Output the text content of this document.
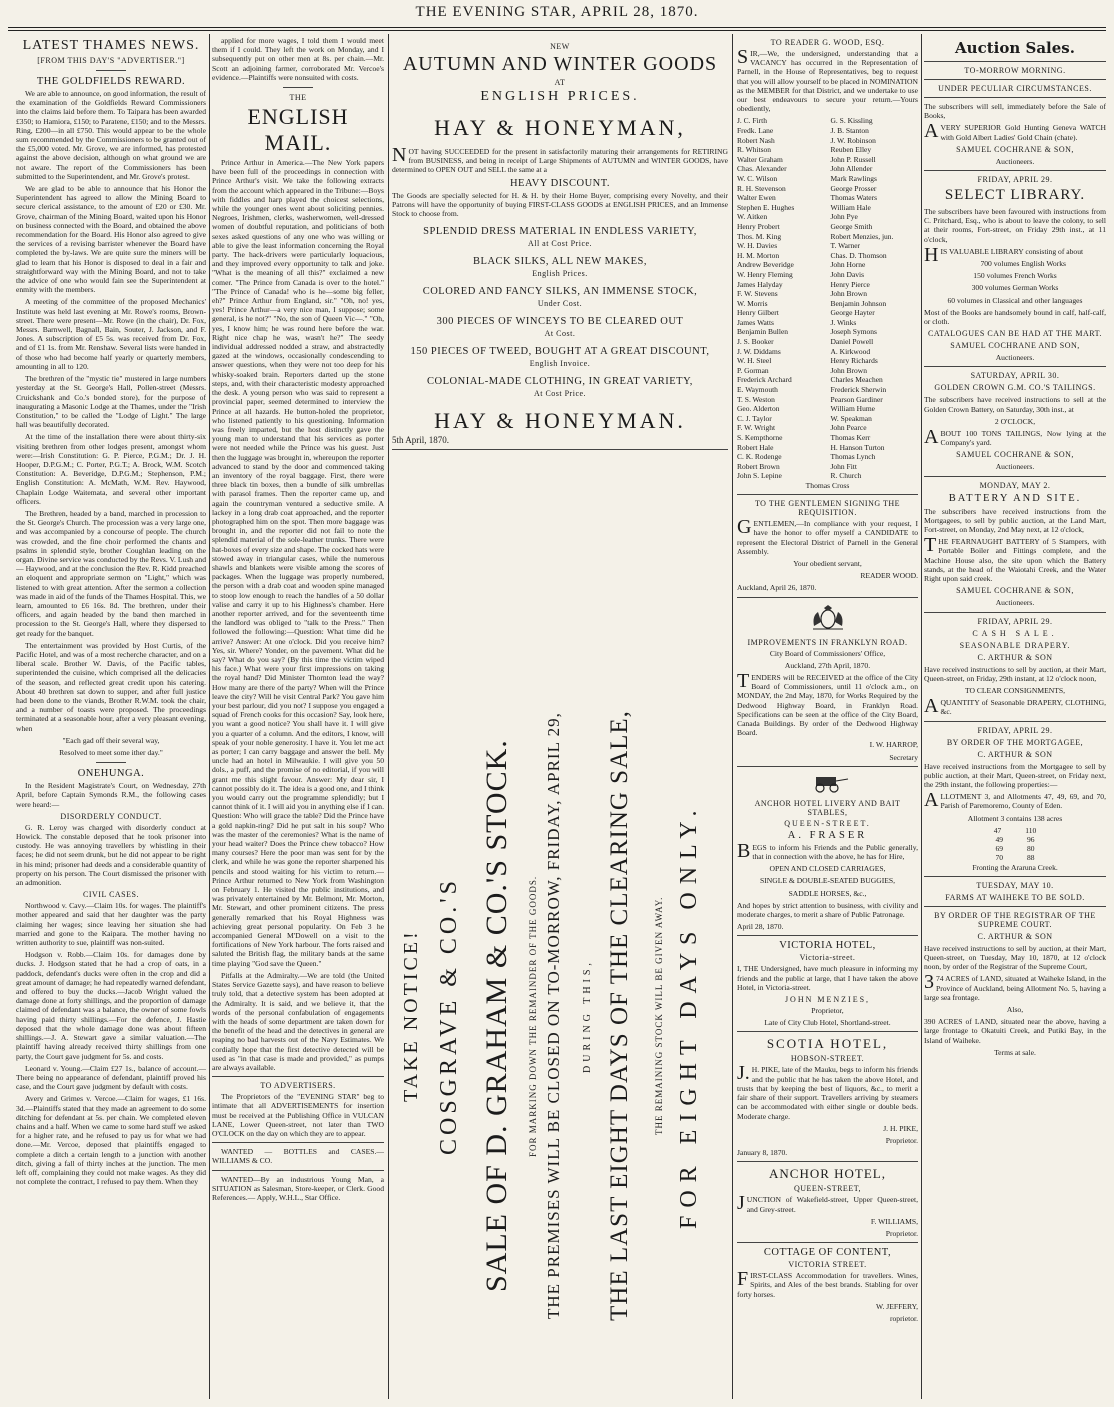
THE EVENING STAR, APRIL 28, 1870.
LATEST THAMES NEWS.
[FROM THIS DAY'S "ADVERTISER."]
THE GOLDFIELDS REWARD.

We are able to announce, on good information, the result of the examination of the Goldfields Reward Commissioners into the claims laid before them. To Taipara has been awarded £350; to Hamiora, £150; to Paratene, £150; and to the Messrs. Ring, £200—in all £750. This would appear to be the whole sum recommended by the Commissioners to be granted out of the £5,000 voted. Mr. Grove, we are informed, has protested against the above decision, although on what ground we are not aware. The report of the Commissioners has been submitted to the Superintendent, and Mr. Grove's protest.

We are glad to be able to announce that his Honor the Superintendent has agreed to allow the Mining Board to secure clerical assistance, to the amount of £20 or £30. Mr. Grove, chairman of the Mining Board, waited upon his Honor on business connected with the Board, and obtained the above recommendation for the Board. His Honor also agreed to give the services of a revising barrister whenever the Board have completed the by-laws. We are quite sure the miners will be glad to learn that his Honor is disposed to deal in a fair and straightforward way with the Mining Board, and not to take the advice of one who would fain see the Superintendent at enmity with the members.

A meeting of the committee of the proposed Mechanics' Institute was held last evening at Mr. Rowe's rooms, Brown-street. There were present—Mr. Rowe (in the chair), Dr. Fox, Messrs. Barnwell, Bagnall, Bain, Souter, J. Jackson, and F. Jones. A subscription of £5 5s. was received from Dr. Fox, and of £1 1s. from Mr. Renshaw. Several lists were handed in of those who had become half yearly or quarterly members, amounting in all to 120.

The brethren of the "mystic tie" mustered in large numbers yesterday at the St. George's Hall, Pollen-street (Messrs. Cruickshank and Co.'s bonded store), for the purpose of inaugurating a Masonic Lodge at the Thames, under the "Irish Constitution," to be called the "Lodge of Light." The large hall was beautifully decorated.

At the time of the installation there were about thirty-six visiting brethren from other lodges present, amongst whom were:—Irish Constitution: G. P. Pierce, P.G.M.; Dr. J. H. Hooper, D.P.G.M.; C. Porter, P.G.T.; A. Brock, W.M. Scotch Constitution: A. Beveridge, D.P.G.M.; Stephenson, P.M.; English Constitution: A. McMath, W.M. Rev. Haywood, Chaplain Lodge Waitemata, and several other important officers.

The Brethren, headed by a band, marched in procession to the St. George's Church. The procession was a very large one, and was accompanied by a concourse of people. The church was crowded, and the fine choir performed the chants and psalms in splendid style, brother Coughlan leading on the organ. Divine service was conducted by the Revs. V. Lush and — Haywood, and at the conclusion the Rev. R. Kidd preached an eloquent and appropriate sermon on "Light," which was listened to with great attention. After the sermon a collection was made in aid of the funds of the Thames Hospital. This, we learn, amounted to £6 16s. 8d. The brethren, under their officers, and again headed by the band then marched in procession to the St. George's Hall, where they dispersed to get ready for the banquet.

The entertainment was provided by Host Curtis, of the Pacific Hotel, and was of a most recherche character, and on a liberal scale. Brother W. Davis, of the Pacific tables, superintended the cuisine, which comprised all the delicacies of the season, and reflected great credit upon his catering. About 40 brethren sat down to supper, and after full justice had been done to the viands, Brother R.W.M. took the chair, and a number of toasts were proposed. The proceedings terminated at a seasonable hour, after a very pleasant evening, when

"Each gad off their several way,

Resolved to meet some ither day."

ONEHUNGA.

In the Resident Magistrate's Court, on Wednesday, 27th April, before Captain Symonds R.M., the following cases were heard:—

DISORDERLY CONDUCT.

G. R. Leroy was charged with disorderly conduct at Howick. The constable deposed that he took prisoner into custody. He was annoying travellers by whistling in their faces; he did not seem drunk, but he did not appear to be right in his mind; prisoner had deeds and a considerable quantity of property on his person. The Court dismissed the prisoner with an admonition.

CIVIL CASES.

Northwood v. Cavy.—Claim 10s. for wages. The plaintiff's mother appeared and said that her daughter was the party claiming her wages; since leaving her situation she had married and gone to the Kaipara. The mother having no written authority to sue, plaintiff was non-suited.

Hodgson v. Robb.—Claim 10s. for damages done by ducks. J. Hodgson stated that he had a crop of oats, in a paddock, defendant's ducks were often in the crop and did a great amount of damage; he had repeatedly warned defendant, and offered to buy the ducks.—Jacob Wright valued the damage done at forty shillings, and the proportion of damage claimed of defendant was a balance, the owner of some fowls having paid thirty shillings.—For the defence, J. Hastie deposed that the whole damage done was about fifteen shillings.—J. A. Stewart gave a similar valuation.—The plaintiff having already received thirty shillings from one party, the Court gave judgment for 5s. and costs.

Leonard v. Young.—Claim £27 1s., balance of account.—There being no appearance of defendant, plaintiff proved his case, and the Court gave judgment by default with costs.

Avery and Grimes v. Vercoe.—Claim for wages, £1 16s. 3d.—Plaintiffs stated that they made an agreement to do some ditching for defendant at 5s. per chain. We completed eleven chains and a half. When we came to some hard stuff we asked for a higher rate, and he refused to pay us for what we had done.—Mr. Vercoe, deposed that plaintiffs engaged to complete a ditch a certain length to a junction with another ditch, giving a fall of thirty inches at the junction. The men left off, complaining they could not make wages. As they did not complete the contract, I refused to pay them. When they

applied for more wages, I told them I would meet them if I could. They left the work on Monday, and I subsequently put on other men at 8s. per chain.—Mr. Scott an adjoining farmer, corroborated Mr. Vercoe's evidence.—Plaintiffs were nonsuited with costs.

THE
ENGLISH MAIL.

Prince Arthur in America.—The New York papers have been full of the proceedings in connection with Prince Arthur's visit. We take the following extracts from the account which appeared in the Tribune:—Boys with fiddles and harp played the choicest selections, while the younger ones went about soliciting pennies. Negroes, Irishmen, clerks, washerwomen, well-dressed women of doubtful reputation, and politicians of both sexes asked questions of any one who was willing or able to give the least information concerning the Royal party. The hack-drivers were particularly loquacious, and they improved every opportunity to talk and joke. "What is the meaning of all this?" exclaimed a new comer. "The Prince from Canada is over to the hotel." "The Prince of Canada! who is he—some big feller, eh?" Prince Arthur from England, sir." "Oh, no! yes, yes! Prince Arthur—a very nice man, I suppose; some general, is he not?" "No, the son of Queen Vic—." "Oh, yes, I know him; he was round here before the war. Right nice chap he was, wasn't he?" The seedy individual addressed nodded a straw, and abstractedly gazed at the windows, occasionally condescending to answer questions, when they were not too deep for his whisky-soaked brain. Reporters darted up the stone steps, and, with their characteristic modesty approached the desk. A young person who was said to represent a provincial paper, seemed determined to interview the Prince at all hazards. He button-holed the proprietor, who listened patiently to his questioning. Information was freely imparted, but the host distinctly gave the young man to understand that his services as porter were not needed while the Prince was his guest. Just then the luggage was brought in, whereupon the reporter advanced to stand by the door and commenced taking an inventory of the royal baggage. First, there were three black tin boxes, then a bundle of silk umbrellas with parasol frames. Then the reporter came up, and again the countryman ventured a seductive smile. A lackey in a long drab coat approached, and the reporter photographed him on the spot. Then more baggage was brought in, and the reporter did not fail to note the splendid material of the sole-leather trunks. There were hat-boxes of every size and shape. The cocked hats were stowed away in triangular cases, while the numerous shawls and blankets were visible among the scores of packages. When the luggage was properly numbered, the person with a drab coat and wooden spine managed to stoop low enough to reach the handles of a 50 dollar valise and carry it up to his Highness's chamber. Here another reporter arrived, and for the seventeenth time the landlord was obliged to "talk to the Press." Then followed the following:—Question: What time did he arrive? Answer: At one o'clock. Did you receive him? Yes, sir. Where? Yonder, on the pavement. What did he say? What do you say? (By this time the victim wiped his face.) What were your first impressions on taking the royal hand? Did Minister Thornton lead the way? How many are there of the party? When will the Prince leave the city? Will he visit Central Park? You gave him your best parlour, did you not? I suppose you engaged a squad of French cooks for this occasion? Say, look here, you want a good notice? You shall have it. I will give you a quarter of a column. And the editors, I know, will speak of your noble generosity. I have it. You let me act as porter; I can carry baggage and answer the bell. My uncle had an hotel in Milwaukie. I will give you 50 dols., a puff, and the promise of no editorial, if you will grant me this slight favour. Answer: My dear sir, I cannot possibly do it. The idea is a good one, and I think you would carry out the programme splendidly; but I cannot think of it. I will aid you in anything else if I can. Question: Who will grace the table? Did the Prince have a gold napkin-ring? Did he put salt in his soup? Who was the master of the ceremonies? What is the name of your head waiter? Does the Prince chew tobacco? How many courses? Here the poor man was sent for by the clerk, and while he was gone the reporter sharpened his pencils and stood waiting for his victim to return.—Prince Arthur returned to New York from Washington on February 1. He visited the public institutions, and was privately entertained by Mr. Belmont, Mr. Morton, Mr. Stewart, and other prominent citizens. The press generally remarked that his Royal Highness was achieving great personal popularity. On Feb 3 he accompanied General M'Dowell on a visit to the fortifications of New York harbour. The forts raised and saluted the British flag, the military bands at the same time playing "God save the Queen."

Pitfalls at the Admiralty.—We are told (the United States Service Gazette says), and have reason to believe truly told, that a detective system has been adopted at the Admiralty. It is said, and we believe it, that the words of the personal confabulation of engagements with the heads of some department are taken down for the benefit of the head and the detectives in general are reaping no bad harvests out of the Navy Estimates. We cordially hope that the first detective detected will be used as "in that case is made and provided," as pumps are always available.

TO ADVERTISERS.

The Proprietors of the "EVENING STAR" beg to intimate that all ADVERTISEMENTS for insertion must be received at the Publishing Office in VULCAN LANE, Lower Queen-street, not later than TWO O'CLOCK on the day on which they are to appear.

WANTED — BOTTLES and CASES.— WILLIAMS & CO.

WANTED—By an industrious Young Man, a SITUATION as Salesman, Store-keeper, or Clerk. Good References.— Apply, W.H.L., Star Office.

NEW
AUTUMN AND WINTER GOODS
AT
ENGLISH PRICES.
HAY & HONEYMAN,

NOT having SUCCEEDED for the present in satisfactorily maturing their arrangements for RETIRING from BUSINESS, and being in receipt of Large Shipments of AUTUMN and WINTER GOODS, have determined to OPEN OUT and SELL the same at a

HEAVY DISCOUNT.

The Goods are specially selected for H. & H. by their Home Buyer, comprising every Novelty, and their Patrons will have the opportunity of buying FIRST-CLASS GOODS at ENGLISH PRICES, and an Immense Stock to choose from.

SPLENDID DRESS MATERIAL IN ENDLESS VARIETY,
All at Cost Price.
BLACK SILKS, ALL NEW MAKES,
English Prices.
COLORED AND FANCY SILKS, AN IMMENSE STOCK,
Under Cost.
300 PIECES OF WINCEYS TO BE CLEARED OUT
At Cost.
150 PIECES OF TWEED, BOUGHT AT A GREAT DISCOUNT,
English Invoice.
COLONIAL-MADE CLOTHING, IN GREAT VARIETY,
At Cost Price.
HAY & HONEYMAN.

5th April, 1870.

TAKE NOTICE! COSGRAVE & CO.'S SALE OF D. GRAHAM & CO.'S STOCK. FOR MARKING DOWN THE REMAINDER OF THE GOODS. THE PREMISES WILL BE CLOSED ON TO-MORROW, FRIDAY, APRIL 29, DURING THIS, THE LAST EIGHT DAYS OF THE CLEARING SALE, THE REMAINING STOCK WILL BE GIVEN AWAY. FOR EIGHT DAYS ONLY.
TO READER G. WOOD, ESQ.

SIR,—We, the undersigned, understanding that a VACANCY has occurred in the Representation of Parnell, in the House of Representatives, beg to request that you will allow yourself to be placed in NOMINATION as the MEMBER for that District, and we undertake to use our best endeavours to secure your return.—Yours obediently,

J. C. Firth	G. S. Kissling
Fredk. Lane	J. B. Stanton
Robert Nash	J. W. Robinson
R. Whitson	Reuben Elley
Walter Graham	John P. Russell
Chas. Alexander	John Allender
W. C. Wilson	Mark Rawlings
R. H. Stevenson	George Prosser
Walter Ewen	Thomas Waters
Stephen E. Hughes	William Hale
W. Aitken	John Pye
Henry Probert	George Smith
Thos. M. King	Robert Menzies, jun.
W. H. Davies	T. Warner
H. M. Morton	Chas. D. Thomson
Andrew Beveridge	John Horne
W. Henry Fleming	John Davis
James Halyday	Henry Pierce
F. W. Stevens	John Brown
W. Morris	Benjamin Johnson
Henry Gilbert	George Hayter
James Watts	J. Winks
Benjamin Bullen	Joseph Symons
J. S. Booker	Daniel Powell
J. W. Diddams	A. Kirkwood
W. H. Steel	Henry Richards
P. Gorman	John Brown
Frederick Archard	Charles Meachen
E. Waymouth	Frederick Sherwin
T. S. Weston	Pearson Gardiner
Geo. Alderton	William Hume
C. J. Taylor	W. Speakman
F. W. Wright	John Pearce
S. Kempthorne	Thomas Kerr
Robert Hale	H. Hanson Turton
C. K. Rodenge	Thomas Lynch
Robert Brown	John Fitt
John S. Lepine	R. Church

Thomas Cross

TO THE GENTLEMEN SIGNING THE REQUISITION.

GENTLEMEN,—In compliance with your request, I have the honor to offer myself a CANDIDATE to represent the Electoral District of Parnell in the General Assembly.

Your obedient servant,

READER WOOD.

Auckland, April 26, 1870.

IMPROVEMENTS IN FRANKLYN ROAD.

City Board of Commissioners' Office,

Auckland, 27th April, 1870.

TENDERS will be RECEIVED at the office of the City Board of Commissioners, until 11 o'clock a.m., on MONDAY, the 2nd May, 1870, for Works Required by the Dedwood Highway Board, in Franklyn Road. Specifications can be seen at the office of the City Board, Canada Buildings. By order of the Dedwood Highway Board.

I. W. HARROP,

Secretary

ANCHOR HOTEL LIVERY AND BAIT STABLES,
QUEEN-STREET.
A. FRASER

BEGS to inform his Friends and the Public generally, that in connection with the above, he has for Hire,

OPEN AND CLOSED CARRIAGES,

SINGLE & DOUBLE-SEATED BUGGIES,

SADDLE HORSES, &c.,

And hopes by strict attention to business, with civility and moderate charges, to merit a share of Public Patronage.

April 28, 1870.

VICTORIA HOTEL,
Victoria-street.

I, THE Undersigned, have much pleasure in informing my friends and the public at large, that I have taken the above Hotel, in Victoria-street.

JOHN MENZIES,

Proprietor,

Late of City Club Hotel, Shortland-street.

SCOTIA HOTEL,
HOBSON-STREET.

J.H. PIKE, late of the Mauku, begs to inform his friends and the public that he has taken the above Hotel, and trusts that by keeping the best of liquors, &c., to merit a fair share of their support. Travellers arriving by steamers can be accommodated with either single or double beds. Moderate charge.

J. H. PIKE,

Proprietor.

January 8, 1870.

ANCHOR HOTEL,
QUEEN-STREET,

JUNCTION of Wakefield-street, Upper Queen-street, and Grey-street.

F. WILLIAMS,

Proprietor.

COTTAGE OF CONTENT,
VICTORIA STREET.

FIRST-CLASS Accommodation for travellers. Wines, Spirits, and Ales of the best brands. Stabling for over forty horses.

W. JEFFERY,

roprietor.

Auction Sales.
TO-MORROW MORNING.
UNDER PECULIAR CIRCUMSTANCES.

The subscribers will sell, immediately before the Sale of Books,

AVERY SUPERIOR Gold Hunting Geneva WATCH with Gold Albert Ladies' Gold Chain (chate).

SAMUEL COCHRANE & SON,

Auctioneers.

FRIDAY, APRIL 29.
SELECT LIBRARY.

The subscribers have been favoured with instructions from C. Pritchard, Esq., who is about to leave the colony, to sell at their rooms, Fort-street, on Friday 29th inst., at 11 o'clock,

HIS VALUABLE LIBRARY consisting of about

700 volumes English Works

150 volumes French Works

300 volumes German Works

60 volumes in Classical and other languages

Most of the Books are handsomely bound in calf, half-calf, or cloth.

CATALOGUES CAN BE HAD AT THE MART.
SAMUEL COCHRANE AND SON,

Auctioneers.

SATURDAY, APRIL 30.
GOLDEN CROWN G.M. CO.'S TAILINGS.

The subscribers have received instructions to sell at the Golden Crown Battery, on Saturday, 30th inst., at

2 O'CLOCK,

ABOUT 100 TONS TAILINGS, Now lying at the Company's yard.

SAMUEL COCHRANE & SON,

Auctioneers.

MONDAY, MAY 2.
BATTERY AND SITE.

The subscribers have received instructions from the Mortgagees, to sell by public auction, at the Land Mart, Fort-street, on Monday, 2nd May next, at 12 o'clock,

THE FEARNAUGHT BATTERY of 5 Stampers, with Portable Boiler and Fittings complete, and the Machine House also, the site upon which the Battery stands, at the head of the Waiotahi Creek, and the Water Right upon said creek.

SAMUEL COCHRANE & SON,

Auctioneers.

FRIDAY, APRIL 29.
CASH SALE.
SEASONABLE DRAPERY.
C. ARTHUR & SON

Have received instructions to sell by auction, at their Mart, Queen-street, on Friday, 29th instant, at 12 o'clock noon,

TO CLEAR CONSIGNMENTS,

AQUANTITY of Seasonable DRAPERY, CLOTHING, &c.

FRIDAY, APRIL 29.
BY ORDER OF THE MORTGAGEE,
C. ARTHUR & SON

Have received instructions from the Mortgagee to sell by public auction, at their Mart, Queen-street, on Friday next, the 29th instant, the following properties:—

ALLOTMENT 3, and Allotments 47, 49, 69, and 70, Parish of Paremoremo, County of Eden.

Allotment 3 contains 138 acres

47	110
49	96
69	80
70	88

Fronting the Araruna Creek.

TUESDAY, MAY 10.
FARMS AT WAIHEKE TO BE SOLD.
BY ORDER OF THE REGISTRAR OF THE SUPREME COURT.
C. ARTHUR & SON

Have received instructions to sell by auction, at their Mart, Queen-street, on Tuesday, May 10, 1870, at 12 o'clock noon, by order of the Registrar of the Supreme Court,

374 ACRES of LAND, situated at Waiheke Island, in the Province of Auckland, being Allotment No. 5, having a large sea frontage.

Also,

390 ACRES of LAND, situated near the above, having a large frontage to Okatuiti Creek, and Putiki Bay, in the Island of Waiheke.

Terms at sale.
